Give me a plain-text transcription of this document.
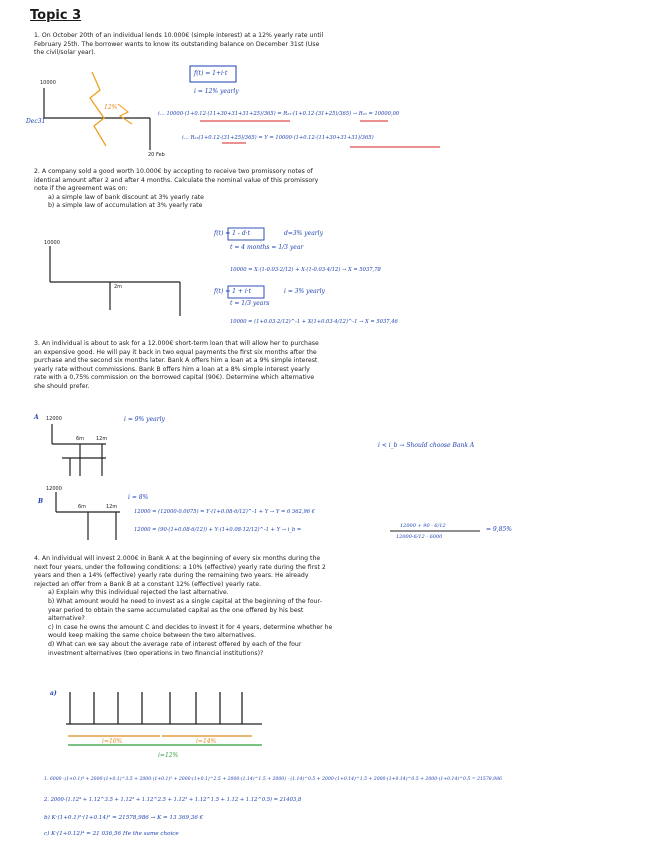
Topic 3
1. On October 20th of an individual lends 10.000€ (simple interest) at a 12% yearly rate until February 25th. The borrower wants to know its outstanding balance on December 31st (Use the civil/solar year).
2. A company sold a good worth 10.000€ by accepting to receive two promissory notes of identical amount after 2 and after 4 months. Calculate the nominal value of this promissory note if the agreement was on:
a) a simple law of bank discount at 3% yearly rate
b) a simple law of accumulation at 3% yearly rate
3. An individual is about to ask for a 12.000€ short-term loan that will allow her to purchase an expensive good. He will pay it back in two equal payments the first six months after the purchase and the second six months later. Bank A offers him a loan at a 9% simple interest yearly rate without commissions. Bank B offers him a loan at a 8% simple interest yearly rate with a 0,75% commission on the borrowed capital (90€). Determine which alternative she should prefer.
4. An individual will invest 2.000€ in Bank A at the beginning of every six months during the next four years, under the following conditions: a 10% (effective) yearly rate during the first 2 years and then a 14% (effective) yearly rate during the remaining two years. He already rejected an offer from a Bank B at a constant 12% (effective) yearly rate.
a) Explain why this individual rejected the last alternative.
b) What amount would he need to invest as a single capital at the beginning of the four-year period to obtain the same accumulated capital as the one offered by his best alternative?
c) In case he owns the amount C and decides to invest it for 4 years, determine whether he would keep making the same choice between the two alternatives.
d) What can we say about the average rate of interest offered by each of the four investment alternatives (two operations in two financial institutions)?
10000
Dec31
12%
20 Feb
f(t) = 1+i·t
i = 12% yearly
i… 10000·(1+0.12·(11+30+31+31+25)/365) = R₂₅·(1+0.12·(31+25)/365) → R₂₅ = 10000,00
i… R₂₅(1+0.12·(31+25)/365) = Y = 10000·(1+0.12·(11+30+31+31)/365)
10000
2m
f(t) = 1 - d·t	d=3% yearly
t = 4 months = 1/3 year
10000 = X·(1-0.03·2/12) + X·(1-0.03·4/12) → X = 5037,78
f(t) = 1 + i·t	i = 3% yearly
t = 1/3 years
10000 = (1+0.03·2/12)^-1 + X(1+0.03·4/12)^-1 → X = 5037,46
A 12000	i = 9% yearly
6m 12m
i < i_b → Should choose Bank A
B
12000
6m	12m
i = 8%
12000 = (12000·0.0075) = Y·(1+0.08·6/12)^-1 + Y → Y = 6 362,96 €
12000 = (90·(1+0.08·6/12)) + Y·(1+0.08·12/12)^-1 + Y → i_b =
12000 + 90 · 6/12
12000·6/12 - 6000
= 9,85%
a)
i=10%	i=14%
i=12%
1. 6000 ·(1+0.1)⁴ + 2000·(1+0.1)^3.5 + 2000·(1+0.1)³ + 2000·(1+0.1)^2.5 + 2000·(1.14)^1.5 + 2000) · (1.14)^0.5 + 2000·(1+0.14)^1.5 + 2000·(1+0.14)^0.5 + 2000·(1+0.14)^0.5 = 21578,986
2. 2000·(1.12⁴ + 1.12^3.5 + 1.12³ + 1.12^2.5 + 1.12² + 1.12^1.5 + 1.12 + 1.12^0.5) = 21403,8
b) K·(1+0.1)²·(1+0.14)² = 21578,986 → K = 13 369,36 €
c) K·(1+0.12)⁴ = 21 036,56 He the same choice
